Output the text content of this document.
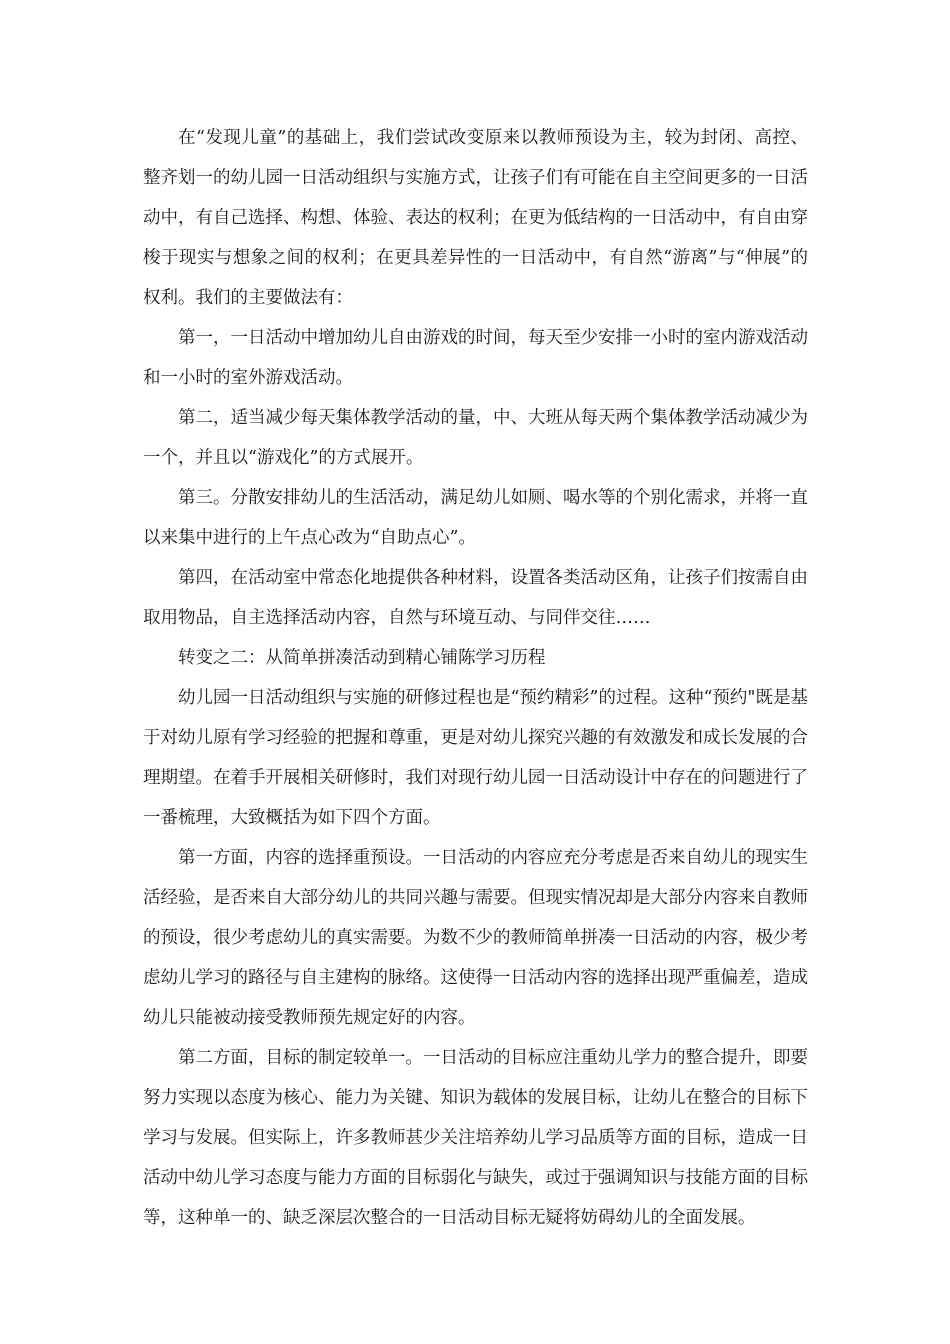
在“发现儿童”的基础上，我们尝试改变原来以教师预设为主，较为封闭、高控、整齐划一的幼儿园一日活动组织与实施方式，让孩子们有可能在自主空间更多的一日活动中，有自己选择、构想、体验、表达的权利；在更为低结构的一日活动中，有自由穿梭于现实与想象之间的权利；在更具差异性的一日活动中，有自然“游离”与“伸展”的权利。我们的主要做法有：

第一，一日活动中增加幼儿自由游戏的时间，每天至少安排一小时的室内游戏活动和一小时的室外游戏活动。

第二，适当减少每天集体教学活动的量，中、大班从每天两个集体教学活动减少为一个，并且以“游戏化”的方式展开。

第三。分散安排幼儿的生活活动，满足幼儿如厕、喝水等的个别化需求，并将一直以来集中进行的上午点心改为“自助点心”。

第四，在活动室中常态化地提供各种材料，设置各类活动区角，让孩子们按需自由取用物品，自主选择活动内容，自然与环境互动、与同伴交往……

转变之二：从简单拼凑活动到精心铺陈学习历程

幼儿园一日活动组织与实施的研修过程也是“预约精彩”的过程。这种“预约"既是基于对幼儿原有学习经验的把握和尊重，更是对幼儿探究兴趣的有效激发和成长发展的合理期望。在着手开展相关研修时，我们对现行幼儿园一日活动设计中存在的问题进行了一番梳理，大致概括为如下四个方面。

第一方面，内容的选择重预设。一日活动的内容应充分考虑是否来自幼儿的现实生活经验，是否来自大部分幼儿的共同兴趣与需要。但现实情况却是大部分内容来自教师的预设，很少考虑幼儿的真实需要。为数不少的教师简单拼凑一日活动的内容，极少考虑幼儿学习的路径与自主建构的脉络。这使得一日活动内容的选择出现严重偏差，造成幼儿只能被动接受教师预先规定好的内容。

第二方面，目标的制定较单一。一日活动的目标应注重幼儿学力的整合提升，即要努力实现以态度为核心、能力为关键、知识为载体的发展目标，让幼儿在整合的目标下学习与发展。但实际上，许多教师甚少关注培养幼儿学习品质等方面的目标，造成一日活动中幼儿学习态度与能力方面的目标弱化与缺失，或过于强调知识与技能方面的目标等，这种单一的、缺乏深层次整合的一日活动目标无疑将妨碍幼儿的全面发展。
